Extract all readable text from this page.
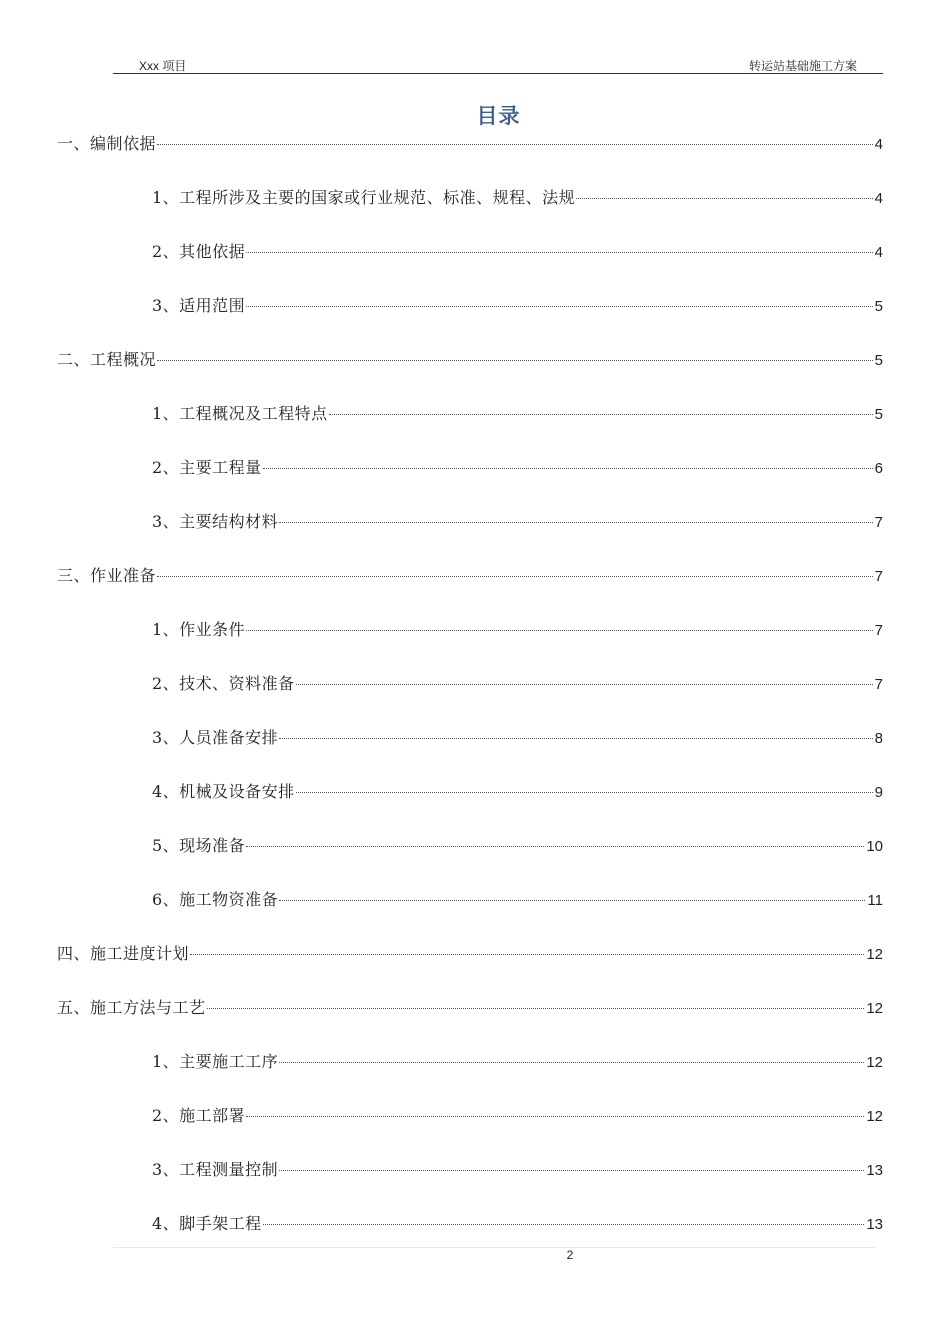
Xxx 项目	转运站基础施工方案
目录
一、编制依据	4
1、工程所涉及主要的国家或行业规范、标准、规程、法规	4
2、其他依据	4
3、适用范围	5
二、工程概况	5
1、工程概况及工程特点	5
2、主要工程量	6
3、主要结构材料	7
三、作业准备	7
1、作业条件	7
2、技术、资料准备	7
3、人员准备安排	8
4、机械及设备安排	9
5、现场准备	10
6、施工物资准备	11
四、施工进度计划	12
五、施工方法与工艺	12
1、主要施工工序	12
2、施工部署	12
3、工程测量控制	13
4、脚手架工程	13
2
